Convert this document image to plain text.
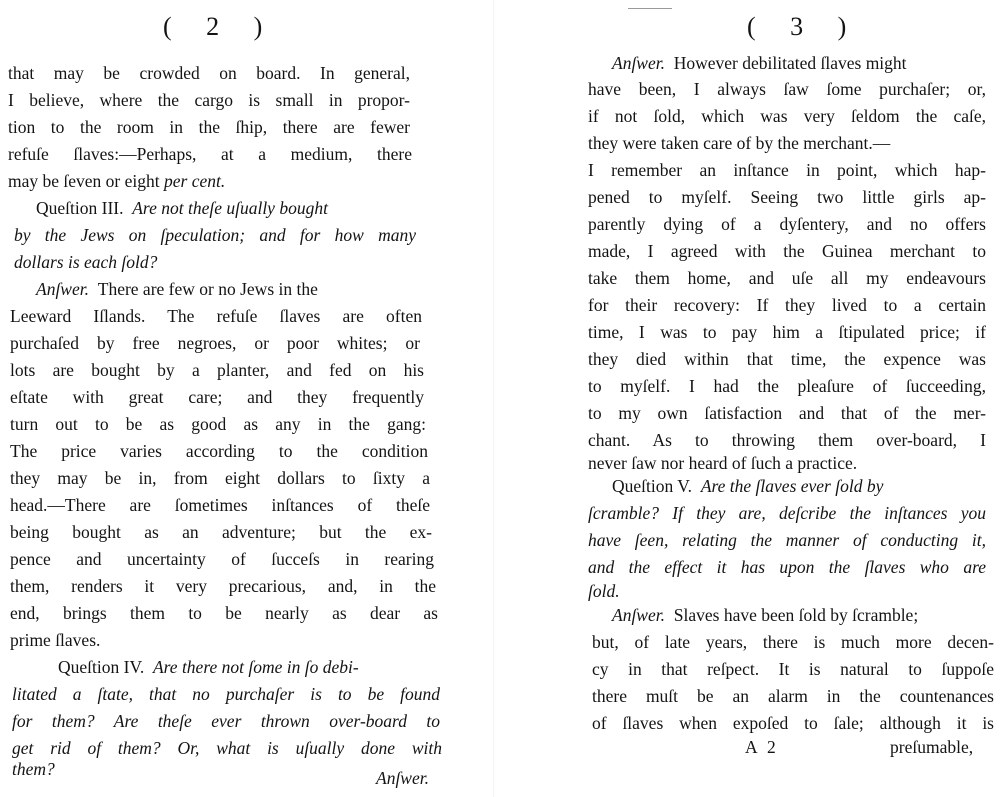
( 2 )
that may be crowded on board. In general,
I believe, where the cargo is small in propor-
tion to the room in the ſhip, there are fewer
refuſe ſlaves:—Perhaps, at a medium, there
may be ſeven or eight per cent.
Queſtion III.  Are not theſe uſually bought
by the Jews on ſpeculation; and for how many
dollars is each ſold?
Anſwer.  There are few or no Jews in the
Leeward Iſlands. The refuſe ſlaves are often
purchaſed by free negroes, or poor whites; or
lots are bought by a planter, and fed on his
eſtate with great care; and they frequently
turn out to be as good as any in the gang:
The price varies according to the condition
they may be in, from eight dollars to ſixty a
head.—There are ſometimes inſtances of theſe
being bought as an adventure; but the ex-
pence and uncertainty of ſucceſs in rearing
them, renders it very precarious, and, in the
end, brings them to be nearly as dear as
prime ſlaves.
Queſtion IV.  Are there not ſome in ſo debi-
litated a ſtate, that no purchaſer is to be found
for them? Are theſe ever thrown over-board to
get rid of them? Or, what is uſually done with
them?	Anſwer.
( 3 )
Anſwer.  However debilitated ſlaves might
have been, I always ſaw ſome purchaſer; or,
if not ſold, which was very ſeldom the caſe,
they were taken care of by the merchant.—
I remember an inſtance in point, which hap-
pened to myſelf. Seeing two little girls ap-
parently dying of a dyſentery, and no offers
made, I agreed with the Guinea merchant to
take them home, and uſe all my endeavours
for their recovery: If they lived to a certain
time, I was to pay him a ſtipulated price; if
they died within that time, the expence was
to myſelf. I had the pleaſure of ſucceeding,
to my own ſatisfaction and that of the mer-
chant. As to throwing them over-board, I
never ſaw nor heard of ſuch a practice.
Queſtion V.  Are the ſlaves ever ſold by
ſcramble? If they are, deſcribe the inſtances you
have ſeen, relating the manner of conducting it,
and the effect it has upon the ſlaves who are
ſold.
Anſwer.  Slaves have been ſold by ſcramble;
but, of late years, there is much more decen-
cy in that reſpect. It is natural to ſuppoſe
there muſt be an alarm in the countenances
of ſlaves when expoſed to ſale; although it is
A 2	preſumable,
